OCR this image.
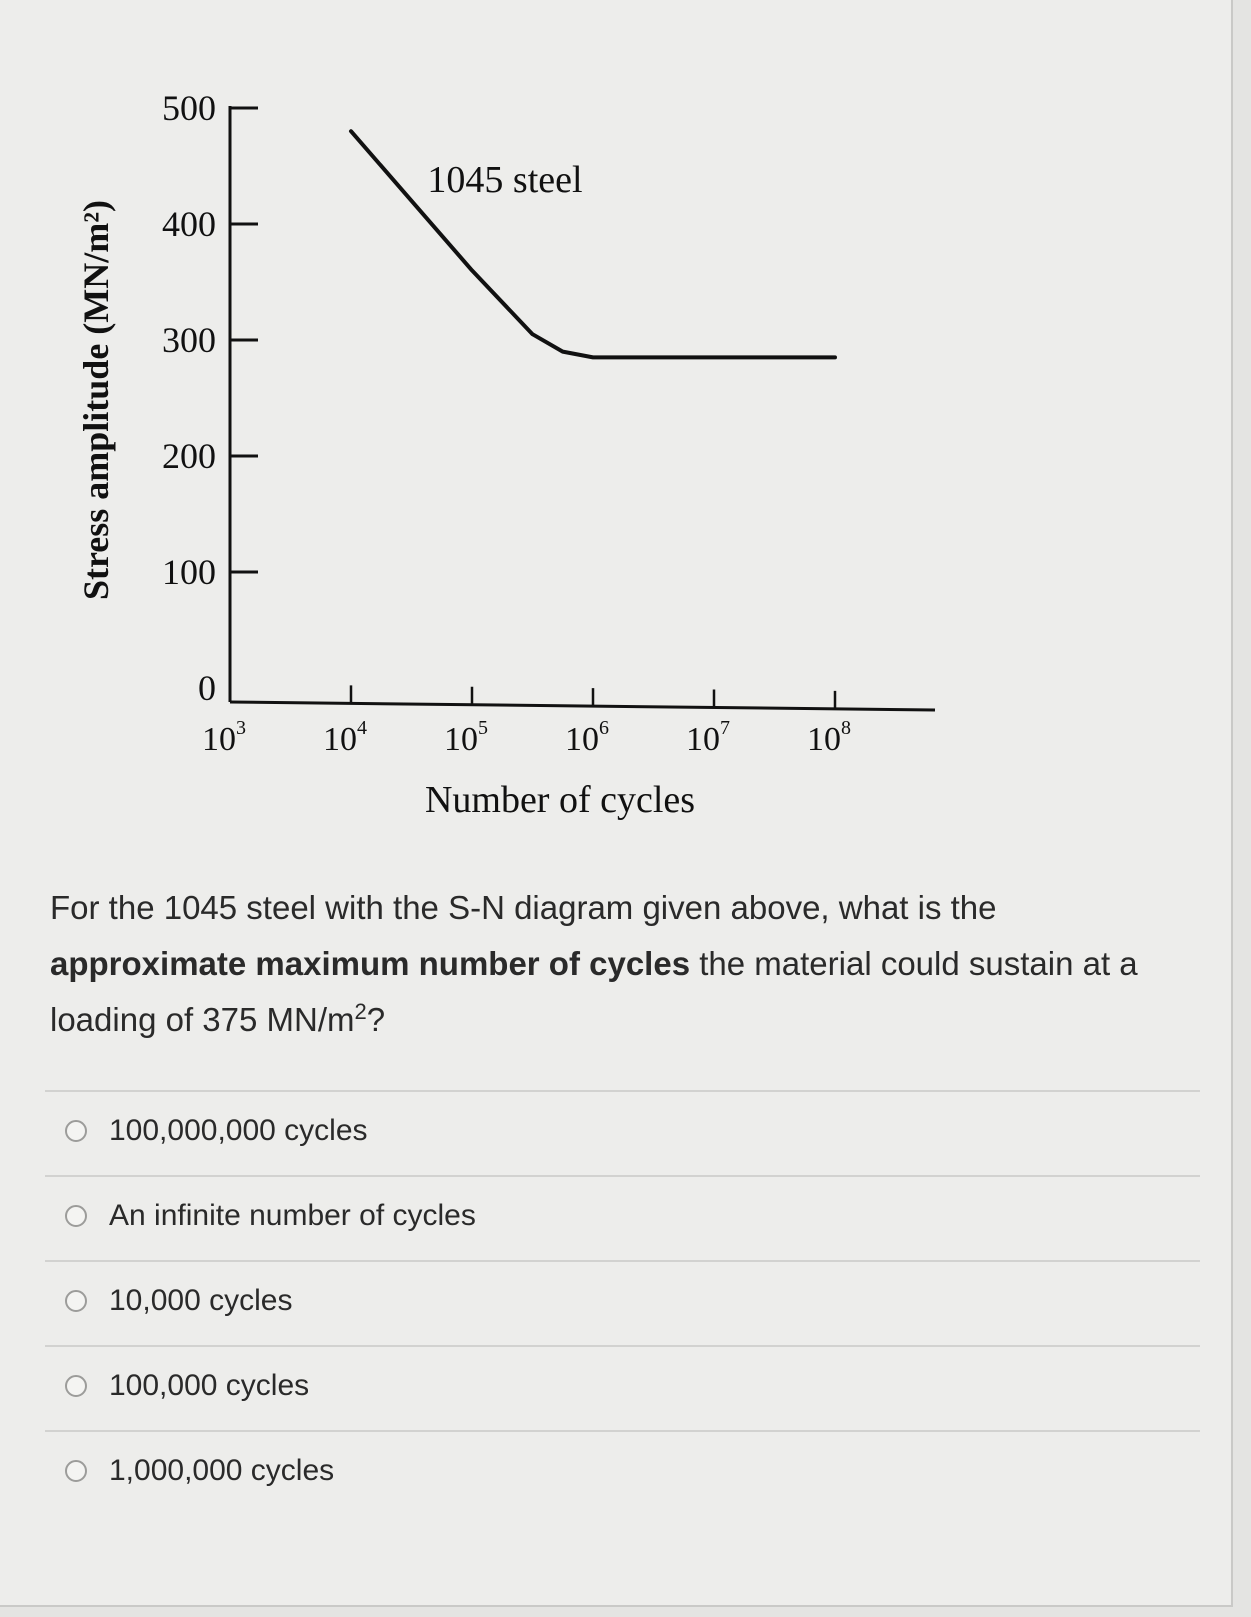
500
400
300
200
100
0
$10^3$ $10^4$ $10^5$ $10^6$ $10^7$ $10^8$
Number of cycles
Stress amplitude (MN/m²)
1045 steel
For the 1045 steel with the S-N diagram given above, what is the approximate maximum number of cycles the material could sustain at a loading of 375 $MN/m^2$?
100,000,000 cycles
An infinite number of cycles
10,000 cycles
100,000 cycles
1,000,000 cycles
